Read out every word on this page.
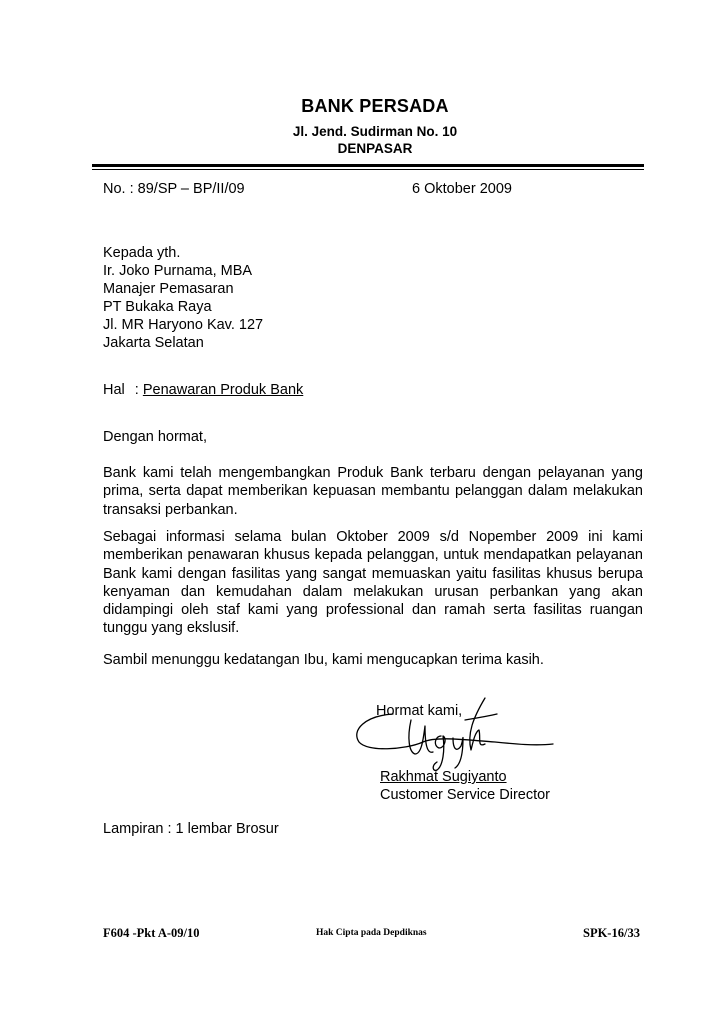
BANK PERSADA
Jl. Jend. Sudirman No. 10
DENPASAR
No. : 89/SP – BP/II/09	6 Oktober 2009
Kepada yth.
Ir. Joko Purnama, MBA
Manajer Pemasaran
PT Bukaka Raya
Jl. MR Haryono Kav. 127
Jakarta Selatan
Hal : Penawaran Produk Bank
Dengan hormat,
Bank kami telah mengembangkan Produk Bank terbaru dengan pelayanan yang prima, serta dapat memberikan kepuasan membantu pelanggan dalam melakukan transaksi perbankan.
Sebagai informasi selama bulan Oktober 2009 s/d Nopember 2009 ini kami memberikan penawaran khusus kepada pelanggan, untuk mendapatkan pelayanan Bank kami dengan fasilitas yang sangat memuaskan yaitu fasilitas khusus berupa kenyaman dan kemudahan dalam melakukan urusan perbankan yang akan didampingi oleh staf kami yang professional dan ramah serta fasilitas ruangan tunggu yang ekslusif.
Sambil menunggu kedatangan Ibu, kami mengucapkan terima kasih.
Hormat kami,
Rakhmat Sugiyanto
Customer Service Director
Lampiran : 1 lembar Brosur
F604 -Pkt A-09/10	Hak Cipta pada Depdiknas	SPK-16/33
